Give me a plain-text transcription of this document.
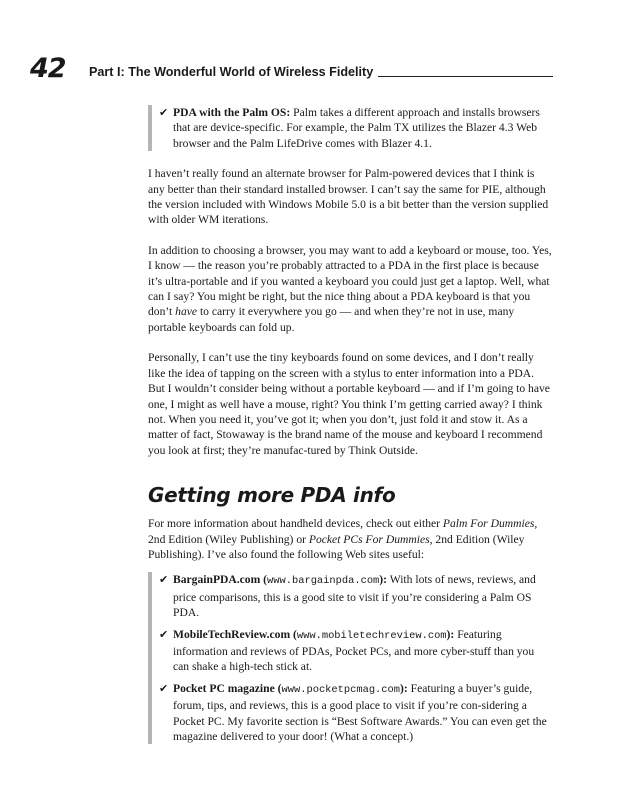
42 Part I: The Wonderful World of Wireless Fidelity
✔ PDA with the Palm OS: Palm takes a different approach and installs browsers that are device-specific. For example, the Palm TX utilizes the Blazer 4.3 Web browser and the Palm LifeDrive comes with Blazer 4.1.

I haven’t really found an alternate browser for Palm-powered devices that I think is any better than their standard installed browser. I can’t say the same for PIE, although the version included with Windows Mobile 5.0 is a bit better than the version supplied with older WM iterations.

In addition to choosing a browser, you may want to add a keyboard or mouse, too. Yes, I know — the reason you’re probably attracted to a PDA in the first place is because it’s ultra-portable and if you wanted a keyboard you could just get a laptop. Well, what can I say? You might be right, but the nice thing about a PDA keyboard is that you don’t have to carry it everywhere you go — and when they’re not in use, many portable keyboards can fold up.

Personally, I can’t use the tiny keyboards found on some devices, and I don’t really like the idea of tapping on the screen with a stylus to enter information into a PDA. But I wouldn’t consider being without a portable keyboard — and if I’m going to have one, I might as well have a mouse, right? You think I’m getting carried away? I think not. When you need it, you’ve got it; when you don’t, just fold it and stow it. As a matter of fact, Stowaway is the brand name of the mouse and keyboard I recommend you look at first; they’re manufac-tured by Think Outside.

Getting more PDA info

For more information about handheld devices, check out either Palm For Dummies, 2nd Edition (Wiley Publishing) or Pocket PCs For Dummies, 2nd Edition (Wiley Publishing). I’ve also found the following Web sites useful:

✔ BargainPDA.com (www.bargainpda.com): With lots of news, reviews, and price comparisons, this is a good site to visit if you’re considering a Palm OS PDA.
✔ MobileTechReview.com (www.mobiletechreview.com): Featuring information and reviews of PDAs, Pocket PCs, and more cyber-stuff than you can shake a high-tech stick at.
✔ Pocket PC magazine (www.pocketpcmag.com): Featuring a buyer’s guide, forum, tips, and reviews, this is a good place to visit if you’re con-sidering a Pocket PC. My favorite section is “Best Software Awards.” You can even get the magazine delivered to your door! (What a concept.)
